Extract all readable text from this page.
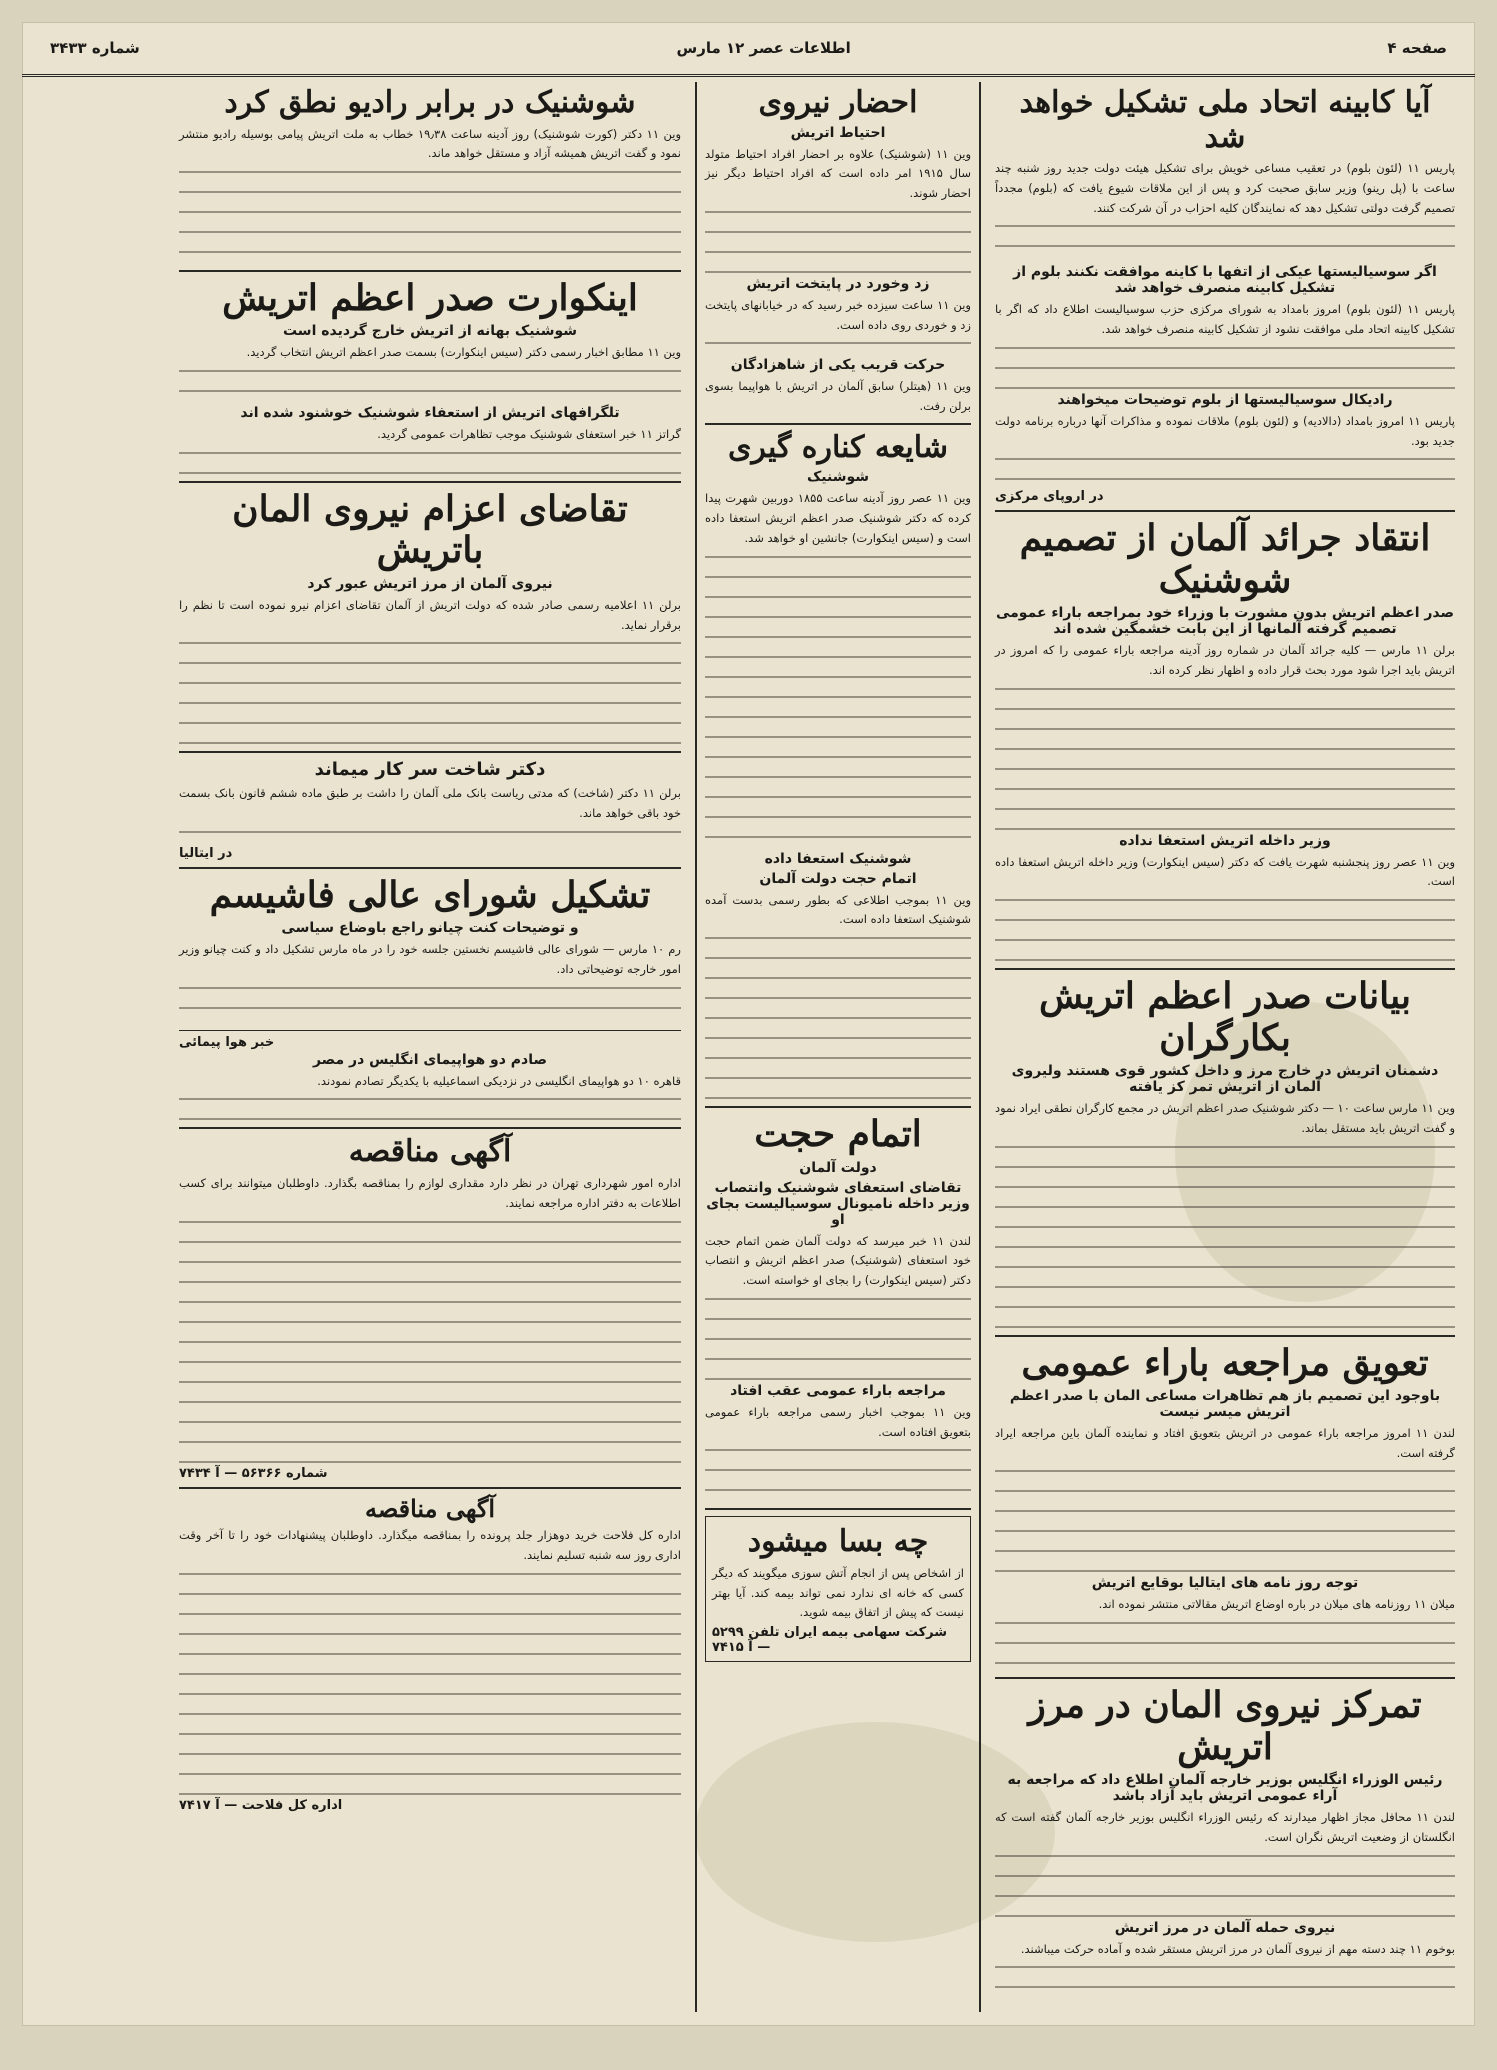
صفحه ۴
اطلاعات عصر ۱۲ مارس
شماره ۳۴۳۳
آیا کابینه اتحاد ملی تشکیل خواهد شد
پاریس ۱۱ (لئون بلوم) در تعقیب مساعی خویش برای تشکیل هیئت دولت جدید روز شنبه چند ساعت با (پل رینو) وزیر سابق صحبت کرد و پس از این ملاقات شیوع یافت که (بلوم) مجدداً تصمیم گرفت دولتی تشکیل دهد که نمایندگان کلیه احزاب در آن شرکت کنند.
اگر سوسیالیستها عیکی از اتفها با کاینه موافقت نکنند بلوم از تشکیل کابینه منصرف خواهد شد
پاریس ۱۱ (لئون بلوم) امروز بامداد به شورای مرکزی حزب سوسیالیست اطلاع داد که اگر با تشکیل کابینه اتحاد ملی موافقت نشود از تشکیل کابینه منصرف خواهد شد.
رادیکال سوسیالیستها از بلوم توضیحات میخواهند
پاریس ۱۱ امروز بامداد (دالادیه) و (لئون بلوم) ملاقات نموده و مذاکرات آنها درباره برنامه دولت جدید بود.
در اروپای مرکزی
انتقاد جرائد آلمان از تصمیم شوشنیک
صدر اعظم اتریش بدون مشورت با وزراء خود بمراجعه باراء عمومی تصمیم گرفته آلمانها از این بابت خشمگین شده اند
برلن ۱۱ مارس — کلیه جرائد آلمان در شماره روز آدینه مراجعه باراء عمومی را که امروز در اتریش باید اجرا شود مورد بحث قرار داده و اظهار نظر کرده اند.
وزیر داخله اتریش استعفا نداده
وین ۱۱ عصر روز پنجشنبه شهرت یافت که دکتر (سیس اینکوارت) وزیر داخله اتریش استعفا داده است.
بیانات صدر اعظم اتریش بکارگران
دشمنان اتریش در خارج مرز و داخل کشور قوی هستند ولیروی آلمان از اتریش تمر کز یافته
وین ۱۱ مارس ساعت ۱۰ — دکتر شوشنیک صدر اعظم اتریش در مجمع کارگران نطقی ایراد نمود و گفت اتریش باید مستقل بماند.
تعویق مراجعه باراء عمومی
باوجود این تصمیم باز هم تظاهرات مساعی المان با صدر اعظم اتریش میسر نیست
لندن ۱۱ امروز مراجعه باراء عمومی در اتریش بتعویق افتاد و نماینده آلمان باین مراجعه ایراد گرفته است.
توجه روز نامه های ایتالیا بوقایع اتریش
میلان ۱۱ روزنامه های میلان در باره اوضاع اتریش مقالاتی منتشر نموده اند.
تمرکز نیروی المان در مرز اتریش
رئیس الوزراء انگلیس بوزیر خارجه آلمان اطلاع داد که مراجعه به آراء عمومی اتریش باید آزاد باشد
لندن ۱۱ محافل مجاز اظهار میدارند که رئیس الوزراء انگلیس بوزیر خارجه آلمان گفته است که انگلستان از وضعیت اتریش نگران است.
نیروی حمله آلمان در مرز اتریش
بوخوم ۱۱ چند دسته مهم از نیروی آلمان در مرز اتریش مستقر شده و آماده حرکت میباشند.
احضار نیروی
احتیاط اتریش
وین ۱۱ (شوشنیک) علاوه بر احضار افراد احتیاط متولد سال ۱۹۱۵ امر داده است که افراد احتیاط دیگر نیز احضار شوند.
زد وخورد در پایتخت اتریش
وین ۱۱ ساعت سیزده خبر رسید که در خیابانهای پایتخت زد و خوردی روی داده است.
حرکت قریب یکی از شاهزادگان
وین ۱۱ (هیتلر) سابق آلمان در اتریش با هواپیما بسوی برلن رفت.
شایعه کناره گیری
شوشنیک
وین ۱۱ عصر روز آدینه ساعت ۱۸۵۵ دوربین شهرت پیدا کرده که دکتر شوشنیک صدر اعظم اتریش استعفا داده است و (سیس اینکوارت) جانشین او خواهد شد.
شوشنیک استعفا داده
اتمام حجت دولت آلمان
وین ۱۱ بموجب اطلاعی که بطور رسمی بدست آمده شوشنیک استعفا داده است.
اتمام حجت
دولت آلمان
تقاضای استعفای شوشنیک وانتصاب وزیر داخله نامیونال سوسیالیست بجای او
لندن ۱۱ خبر میرسد که دولت آلمان ضمن اتمام حجت خود استعفای (شوشنیک) صدر اعظم اتریش و انتصاب دکتر (سیس اینکوارت) را بجای او خواسته است.
مراجعه باراء عمومی عقب افتاد
وین ۱۱ بموجب اخبار رسمی مراجعه باراء عمومی بتعویق افتاده است.
چه بسا میشود
از اشخاص پس از انجام آتش سوزی میگویند که دیگر کسی که خانه ای ندارد نمی تواند بیمه کند. آیا بهتر نیست که پیش از اتفاق بیمه شوید.
شرکت سهامی بیمه ایران تلفن ۵۲۹۹ — آ ۷۴۱۵
شوشنیک در برابر رادیو نطق کرد
وین ۱۱ دکتر (کورت شوشنیک) روز آدینه ساعت ۱۹٫۳۸ خطاب به ملت اتریش پیامی بوسیله رادیو منتشر نمود و گفت اتریش همیشه آزاد و مستقل خواهد ماند.
اینکوارت صدر اعظم اتریش
شوشنیک بهانه از اتریش خارج گردیده است
وین ۱۱ مطابق اخبار رسمی دکتر (سیس اینکوارت) بسمت صدر اعظم اتریش انتخاب گردید.
تلگرافهای اتریش از استعفاء شوشنیک خوشنود شده اند
گراتز ۱۱ خبر استعفای شوشنیک موجب تظاهرات عمومی گردید.
تقاضای اعزام نیروی المان باتریش
نیروی آلمان از مرز اتریش عبور کرد
برلن ۱۱ اعلامیه رسمی صادر شده که دولت اتریش از آلمان تقاضای اعزام نیرو نموده است تا نظم را برقرار نماید.
دکتر شاخت سر کار میماند
برلن ۱۱ دکتر (شاخت) که مدتی ریاست بانک ملی آلمان را داشت بر طبق ماده ششم قانون بانک بسمت خود باقی خواهد ماند.
در ایتالیا
تشکیل شورای عالی فاشیسم
و توضیحات کنت چیانو راجع باوضاع سیاسی
رم ۱۰ مارس — شورای عالی فاشیسم نخستین جلسه خود را در ماه مارس تشکیل داد و کنت چیانو وزیر امور خارجه توضیحاتی داد.
خبر هوا پیمائی
صادم دو هواپیمای انگلیس در مصر
قاهره ۱۰ دو هواپیمای انگلیسی در نزدیکی اسماعیلیه با یکدیگر تصادم نمودند.
آگهی مناقصه
اداره امور شهرداری تهران در نظر دارد مقداری لوازم را بمناقصه بگذارد. داوطلبان میتوانند برای کسب اطلاعات به دفتر اداره مراجعه نمایند.
شماره ۵۶۳۶۶ — آ ۷۴۳۴
آگهی مناقصه
اداره کل فلاحت خرید دوهزار جلد پرونده را بمناقصه میگذارد. داوطلبان پیشنهادات خود را تا آخر وقت اداری روز سه شنبه تسلیم نمایند.
اداره کل فلاحت — آ ۷۴۱۷
